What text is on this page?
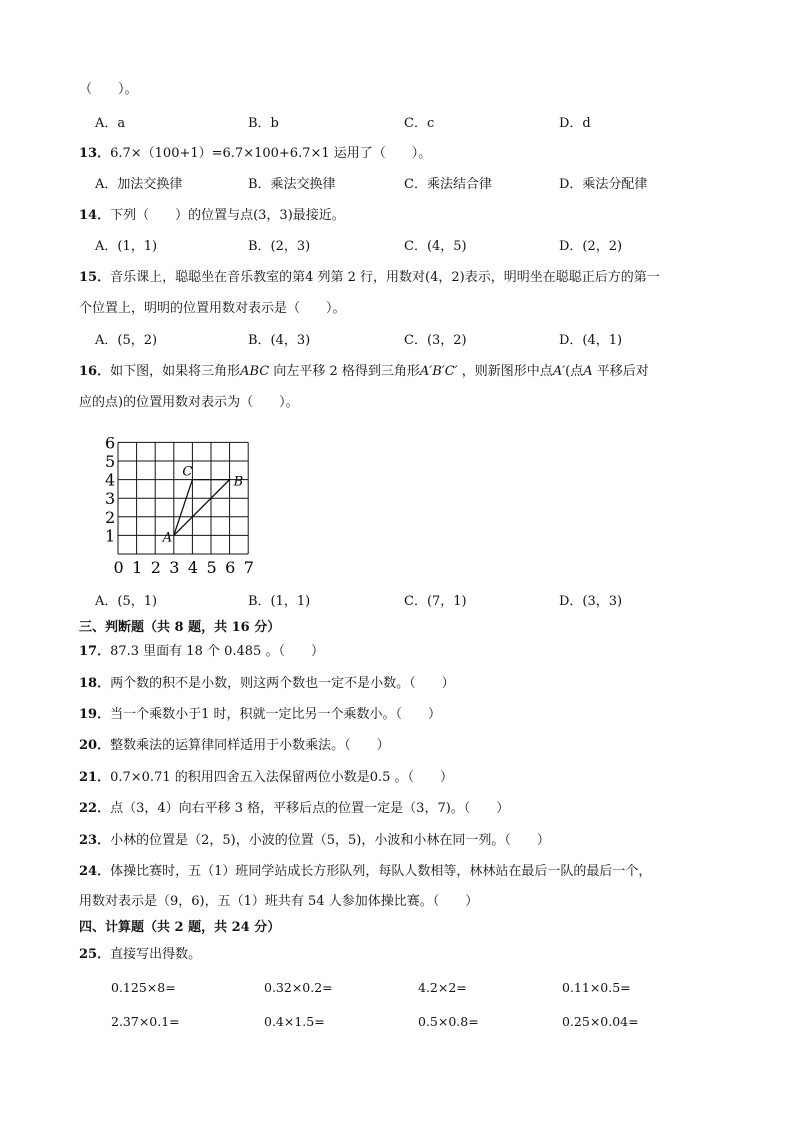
（　　）。
A．a	B．b	C．c	D．d
13．6.7×（100+1）=6.7×100+6.7×1 运用了（　　）。
A．加法交换律	B．乘法交换律	C．乘法结合律	D．乘法分配律
14．下列（　　）的位置与点(3，3)最接近。
A．(1，1)	B．(2，3)	C．(4，5)	D．(2，2)
15．音乐课上，聪聪坐在音乐教室的第4 列第 2 行，用数对(4，2)表示，明明坐在聪聪正后方的第一
个位置上，明明的位置用数对表示是（　　）。
A．(5，2)	B．(4，3)	C．(3，2)	D．(4，1)
16．如下图，如果将三角形ABC 向左平移 2 格得到三角形A′B′C′ ，则新图形中点A′(点A 平移后对
应的点)的位置用数对表示为（　　）。
1
2
3
4
5
6
0 1 2 3 4 5 6 7
A
B
C
A．(5，1)	B．(1，1)	C．(7，1)	D．(3，3)
三、判断题（共 8 题，共 16 分）
17．87.3 里面有 18 个 0.485 。（　　）
18．两个数的积不是小数，则这两个数也一定不是小数。（　　）
19．当一个乘数小于1 时，积就一定比另一个乘数小。（　　）
20．整数乘法的运算律同样适用于小数乘法。（　　）
21．0.7×0.71 的积用四舍五入法保留两位小数是0.5 。（　　）
22．点（3，4）向右平移 3 格，平移后点的位置一定是（3，7)。（　　）
23．小林的位置是（2，5)，小波的位置（5，5)，小波和小林在同一列。（　　）
24．体操比赛时，五（1）班同学站成长方形队列，每队人数相等，林林站在最后一队的最后一个，
用数对表示是（9，6)，五（1）班共有 54 人参加体操比赛。（　　）
四、计算题（共 2 题，共 24 分）
25．直接写出得数。
0.125×8=	0.32×0.2=	4.2×2=	0.11×0.5=
2.37×0.1=	0.4×1.5=	0.5×0.8=	0.25×0.04=
